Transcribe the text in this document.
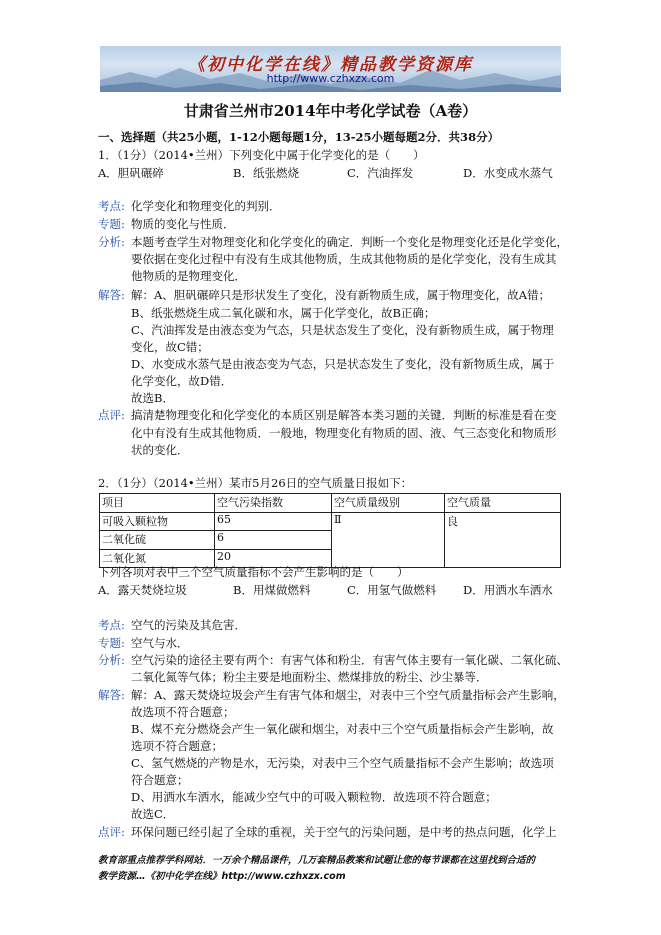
《初中化学在线》精品教学资源库
http://www.czhxzx.com
甘肃省兰州市2014年中考化学试卷（A卷）
一、选择题（共25小题，1-12小题每题1分，13-25小题每题2分．共38分）
1．（1分）（2014•兰州）下列变化中属于化学变化的是（　　）
A．胆矾碾碎	B．纸张燃烧	C．汽油挥发	D．水变成水蒸气
考点: 化学变化和物理变化的判别．
专题: 物质的变化与性质．
分析: 本题考查学生对物理变化和化学变化的确定．判断一个变化是物理变化还是化学变化，
要依据在变化过程中有没有生成其他物质，生成其他物质的是化学变化，没有生成其
他物质的是物理变化．
解答: 解：A、胆矾碾碎只是形状发生了变化，没有新物质生成，属于物理变化，故A错；
B、纸张燃烧生成二氧化碳和水，属于化学变化，故B正确；
C、汽油挥发是由液态变为气态，只是状态发生了变化，没有新物质生成，属于物理
变化，故C错；
D、水变成水蒸气是由液态变为气态，只是状态发生了变化，没有新物质生成，属于
化学变化，故D错．
故选B．
点评: 搞清楚物理变化和化学变化的本质区别是解答本类习题的关键．判断的标准是看在变
化中有没有生成其他物质．一般地，物理变化有物质的固、液、气三态变化和物质形
状的变化．
2．（1分）（2014•兰州）某市5月26日的空气质量日报如下：
项目	空气污染指数	空气质量级别	空气质量
可吸入颗粒物	65	Ⅱ	良
二氧化硫	6		
二氧化氮	20		
下列各项对表中三个空气质量指标不会产生影响的是（　　）
A．露天焚烧垃圾	B．用煤做燃料	C．用氢气做燃料 D．用洒水车洒水
考点: 空气的污染及其危害．
专题: 空气与水．
分析: 空气污染的途径主要有两个：有害气体和粉尘．有害气体主要有一氧化碳、二氧化硫、
二氧化氮等气体；粉尘主要是地面粉尘、燃煤排放的粉尘、沙尘暴等．
解答: 解：A、露天焚烧垃圾会产生有害气体和烟尘，对表中三个空气质量指标会产生影响，
故选项不符合题意；
B、煤不充分燃烧会产生一氧化碳和烟尘，对表中三个空气质量指标会产生影响，故
选项不符合题意；
C、氢气燃烧的产物是水，无污染，对表中三个空气质量指标不会产生影响；故选项
符合题意；
D、用洒水车洒水，能减少空气中的可吸入颗粒物．故选项不符合题意；
故选C．
点评: 环保问题已经引起了全球的重视，关于空气的污染问题，是中考的热点问题，化学上
教育部重点推荐学科网站．一万余个精品课件，几万套精品教案和试题让您的每节课都在这里找到合适的
教学资源…《初中化学在线》http://www.czhxzx.com
